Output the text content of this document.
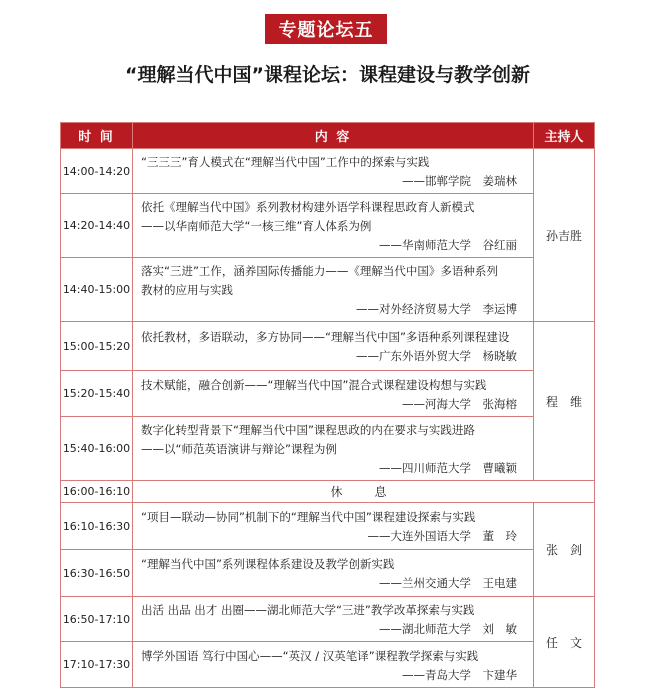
专题论坛五
“理解当代中国”课程论坛：课程建设与教学创新
时 间	内 容	主持人
14:00-14:20	“三三三”育人模式在“理解当代中国”工作中的探索与实践
——邯郸学院　姜瑞林	孙吉胜
14:20-14:40	依托《理解当代中国》系列教材构建外语学科课程思政育人新模式
——以华南师范大学“一核三维”育人体系为例
——华南师范大学　谷红丽	

14:40-15:00	落实“三进”工作，涵养国际传播能力——《理解当代中国》多语种系列
教材的应用与实践
——对外经济贸易大学　李运博	

15:00-15:20	依托教材，多语联动，多方协同——“理解当代中国”多语种系列课程建设
——广东外语外贸大学　杨晓敏	程　维
15:20-15:40	技术赋能，融合创新——“理解当代中国”混合式课程建设构想与实践
——河海大学　张海榕	

15:40-16:00	数字化转型背景下“理解当代中国”课程思政的内在要求与实践进路
——以“师范英语演讲与辩论”课程为例
——四川师范大学　曹曦颖	

16:00-16:10	休　息	
16:10-16:30	“项目—联动—协同”机制下的“理解当代中国”课程建设探索与实践
——大连外国语大学　董　玲	张　剑
16:30-16:50	“理解当代中国”系列课程体系建设及教学创新实践
——兰州交通大学　王电建	

16:50-17:10	出活 出品 出才 出圈——湖北师范大学“三进”教学改革探索与实践
——湖北师范大学　刘　敏	任　文
17:10-17:30	博学外国语 笃行中国心——“英汉 / 汉英笔译”课程教学探索与实践
——青岛大学　卞建华	
